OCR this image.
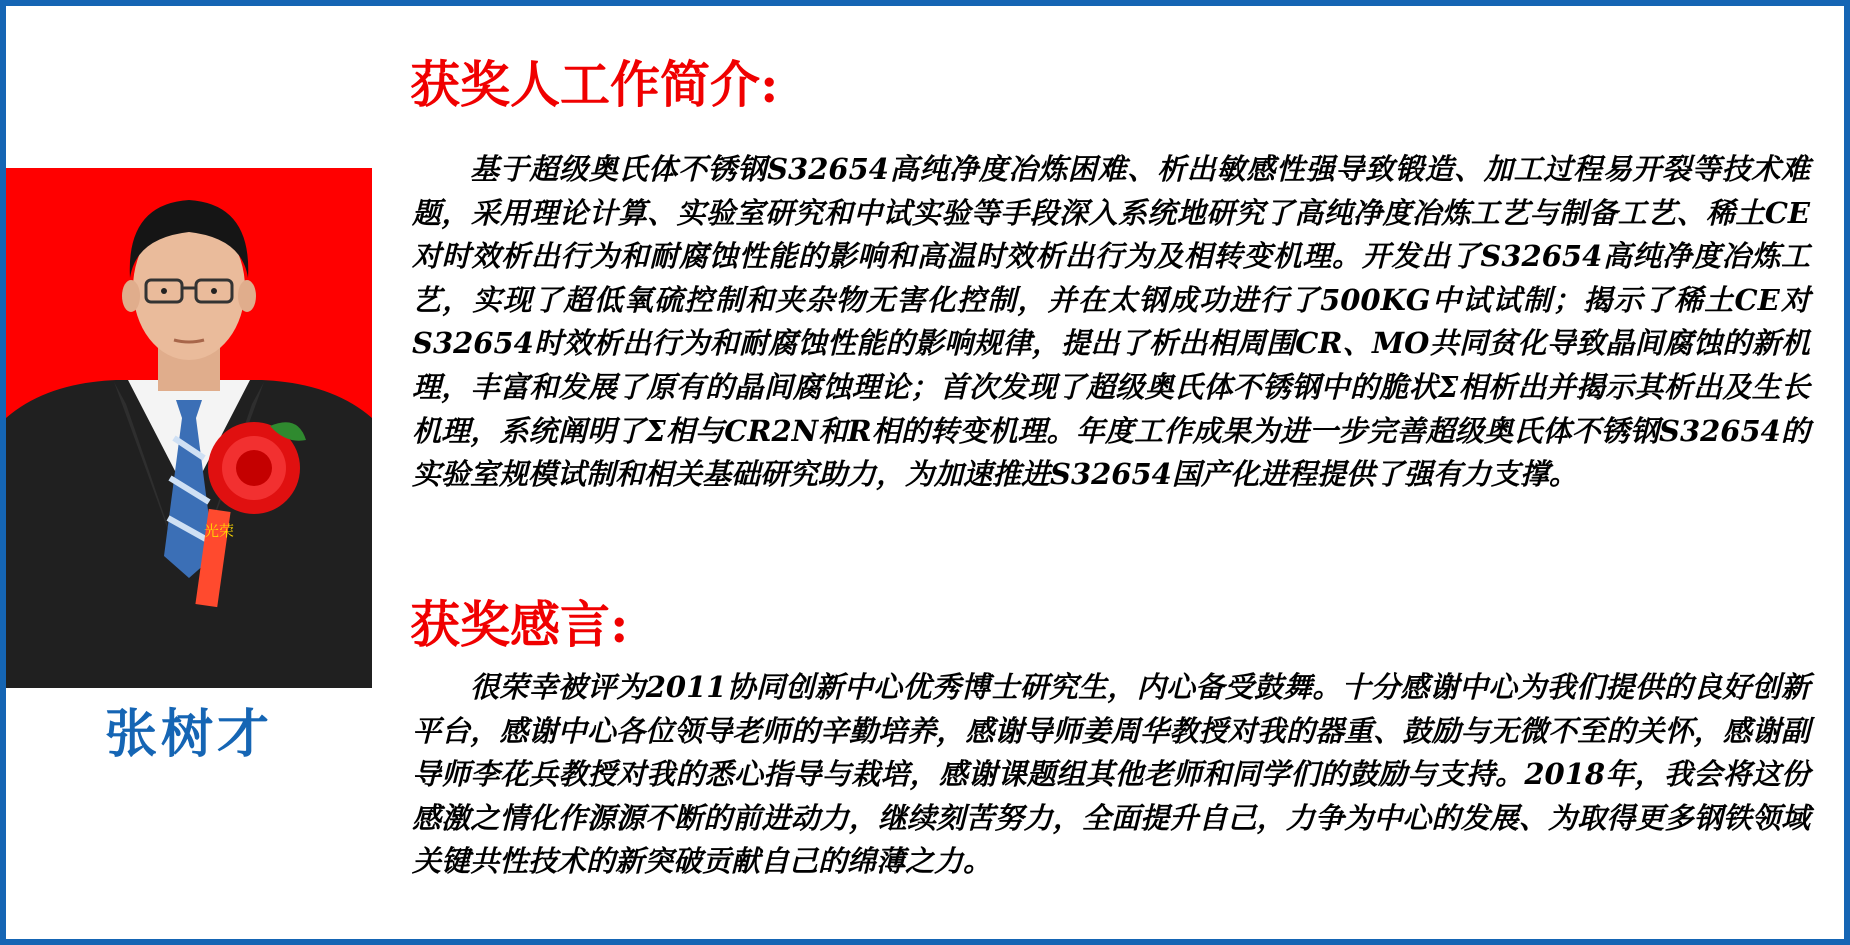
光荣
张树才
获奖人工作简介:

基于超级奥氏体不锈钢S32654高纯净度冶炼困难、析出敏感性强导致锻造、加工过程易开裂等技术难题，采用理论计算、实验室研究和中试实验等手段深入系统地研究了高纯净度冶炼工艺与制备工艺、稀土CE对时效析出行为和耐腐蚀性能的影响和高温时效析出行为及相转变机理。开发出了S32654高纯净度冶炼工艺，实现了超低氧硫控制和夹杂物无害化控制，并在太钢成功进行了500KG中试试制；揭示了稀土CE对S32654时效析出行为和耐腐蚀性能的影响规律，提出了析出相周围CR、MO共同贫化导致晶间腐蚀的新机理，丰富和发展了原有的晶间腐蚀理论；首次发现了超级奥氏体不锈钢中的脆状Σ相析出并揭示其析出及生长机理，系统阐明了Σ相与CR2N和R相的转变机理。年度工作成果为进一步完善超级奥氏体不锈钢S32654的实验室规模试制和相关基础研究助力，为加速推进S32654国产化进程提供了强有力支撑。

获奖感言:

很荣幸被评为2011协同创新中心优秀博士研究生，内心备受鼓舞。十分感谢中心为我们提供的良好创新平台，感谢中心各位领导老师的辛勤培养，感谢导师姜周华教授对我的器重、鼓励与无微不至的关怀，感谢副导师李花兵教授对我的悉心指导与栽培，感谢课题组其他老师和同学们的鼓励与支持。2018年，我会将这份感激之情化作源源不断的前进动力，继续刻苦努力，全面提升自己，力争为中心的发展、为取得更多钢铁领域关键共性技术的新突破贡献自己的绵薄之力。
